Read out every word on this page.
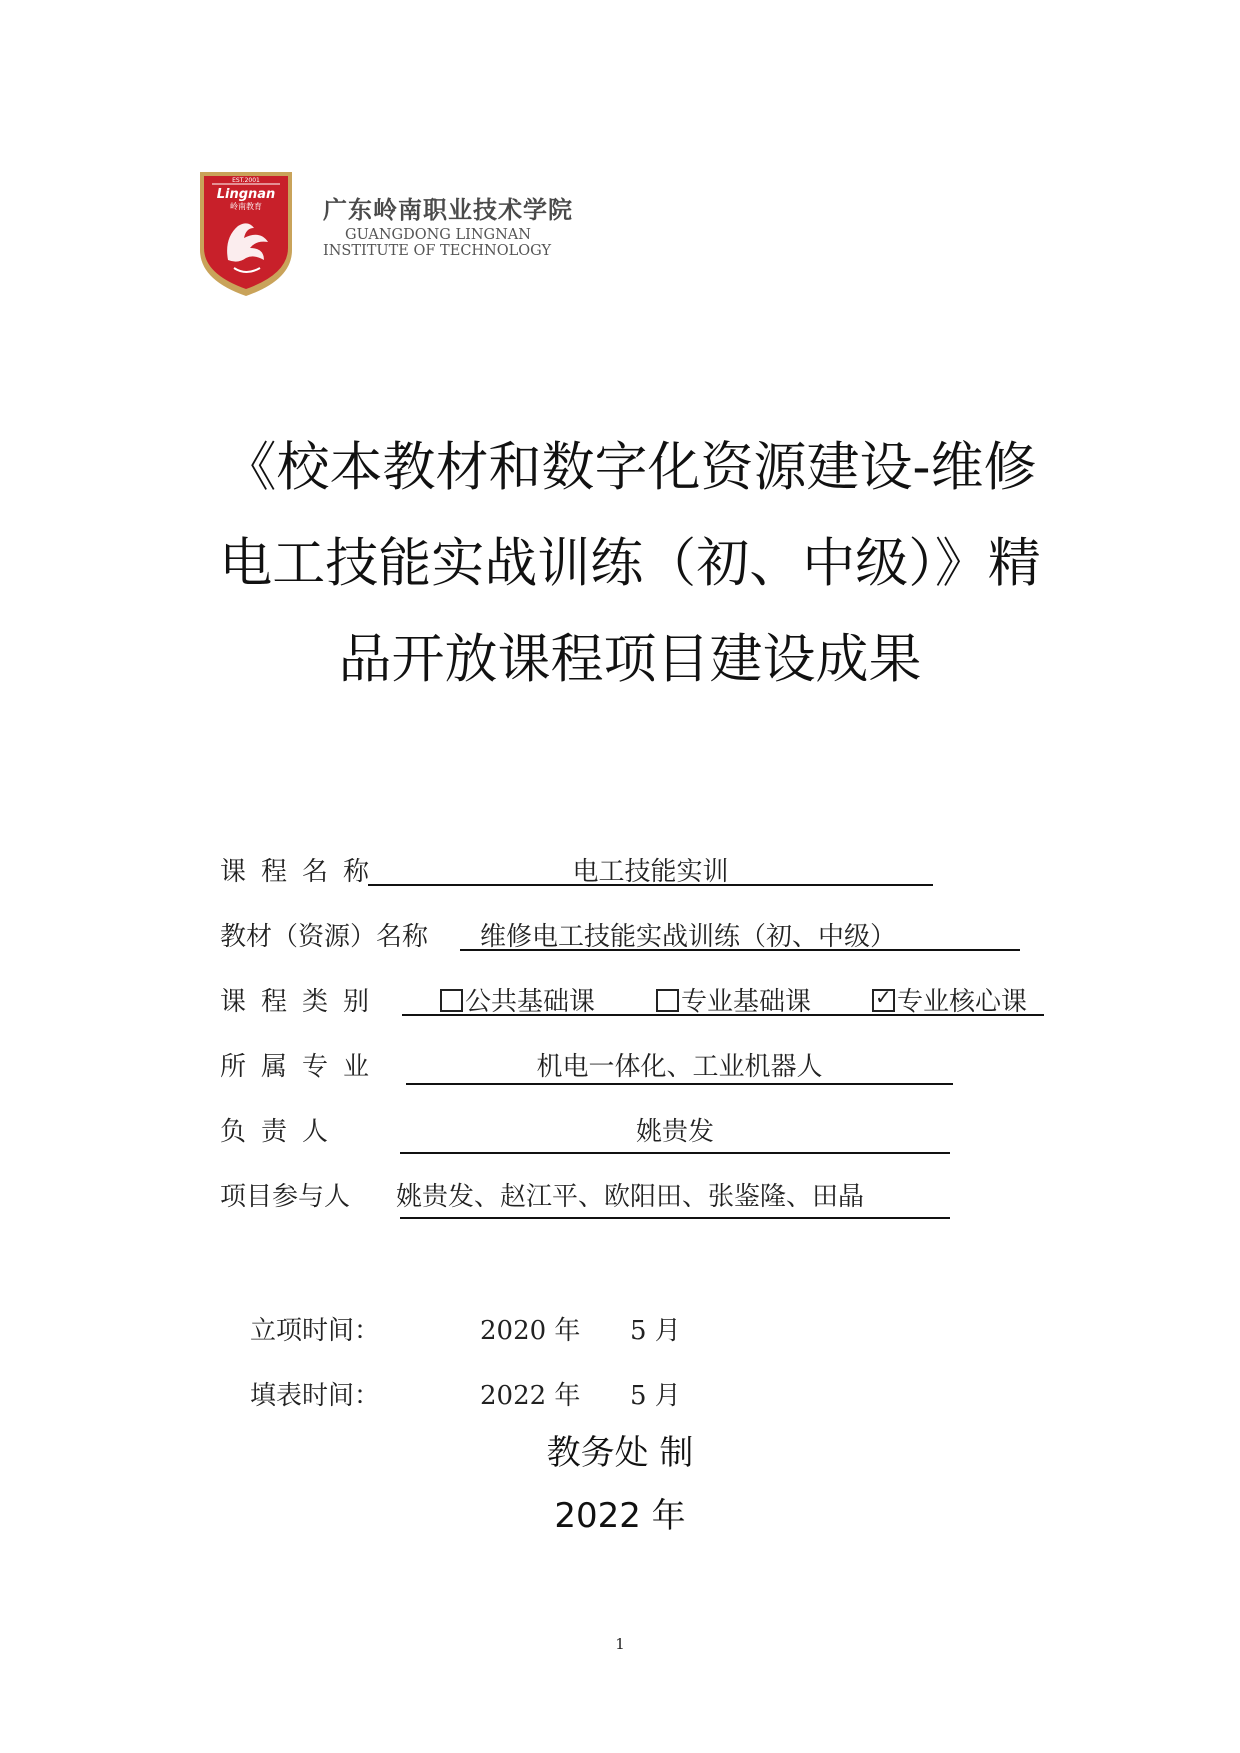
EST.2001
Lingnan
岭南教育	广东岭南职业技术学院
GUANGDONG LINGNAN
INSTITUTE OF TECHNOLOGY
《校本教材和数字化资源建设-维修
电工技能实战训练（初、中级）》精
品开放课程项目建设成果
课程名称	电工技能实训
教材（资源）名称 维修电工技能实战训练（初、中级）
课程类别	公共基础课	专业基础课
✓	专业核心课
所属专业	机电一体化、工业机器人
负责人	姚贵发
项目参与人 姚贵发、赵江平、欧阳田、张鉴隆、田晶
立项时间：	2020 年 5 月
填表时间：	2022 年 5 月
教务处 制
2022 年
1
